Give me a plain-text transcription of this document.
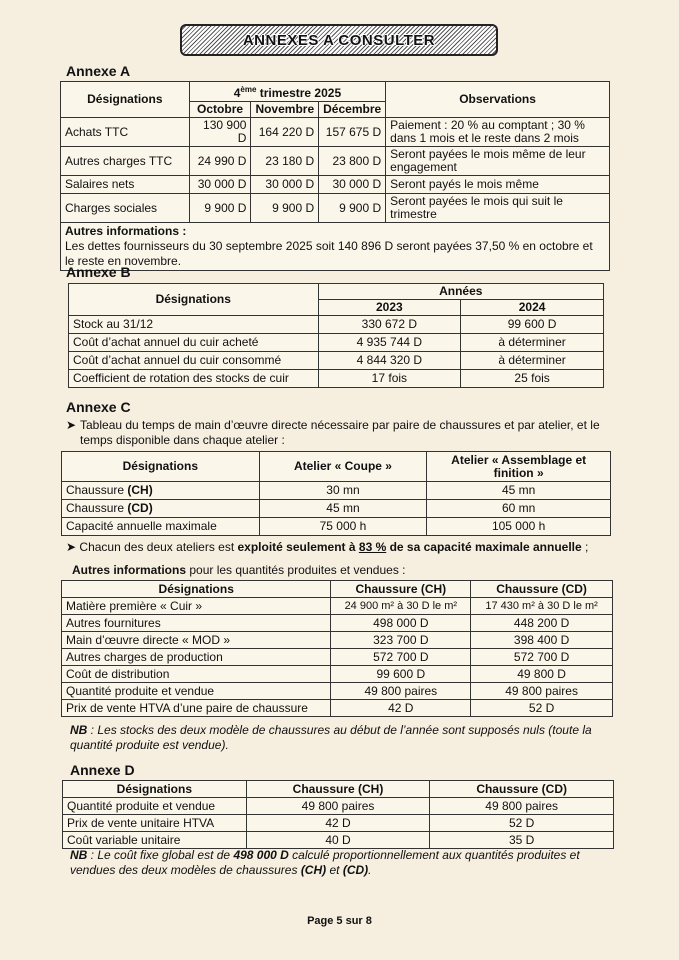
ANNEXES A CONSULTER
Annexe A
Désignations	4ème trimestre 2025			Observations
	Octobre	Novembre	Décembre	
Achats TTC	130 900 D	164 220 D	157 675 D	Paiement : 20 % au comptant ; 30 % dans 1 mois et le reste dans 2 mois
Autres charges TTC	24 990 D	23 180 D	23 800 D	Seront payées le mois même de leur engagement
Salaires nets	30 000 D	30 000 D	30 000 D	Seront payés le mois même
Charges sociales	9 900 D	9 900 D	9 900 D	Seront payées le mois qui suit le trimestre
Autres informations :
Les dettes fournisseurs du 30 septembre 2025 soit 140 896 D seront payées 37,50 % en octobre et le reste en novembre.				
Annexe B
Désignations	Années	
	2023	2024
Stock au 31/12	330 672 D	99 600 D
Coût d’achat annuel du cuir acheté	4 935 744 D	à déterminer
Coût d’achat annuel du cuir consommé	4 844 320 D	à déterminer
Coefficient de rotation des stocks de cuir	17 fois	25 fois
Annexe C
➤ Tableau du temps de main d’œuvre directe nécessaire par paire de chaussures et par atelier, et le temps disponible dans chaque atelier :
Désignations	Atelier « Coupe »	Atelier « Assemblage et finition »
Chaussure (CH)	30 mn	45 mn
Chaussure (CD)	45 mn	60 mn
Capacité annuelle maximale	75 000 h	105 000 h
➤ Chacun des deux ateliers est exploité seulement à 83 % de sa capacité maximale annuelle ;
Autres informations pour les quantités produites et vendues :
Désignations	Chaussure (CH)	Chaussure (CD)
Matière première « Cuir »	24 900 m² à 30 D le m²	17 430 m² à 30 D le m²
Autres fournitures	498 000 D	448 200 D
Main d’œuvre directe « MOD »	323 700 D	398 400 D
Autres charges de production	572 700 D	572 700 D
Coût de distribution	99 600 D	49 800 D
Quantité produite et vendue	49 800 paires	49 800 paires
Prix de vente HTVA d’une paire de chaussure	42 D	52 D
NB : Les stocks des deux modèle de chaussures au début de l’année sont supposés nuls (toute la quantité produite est vendue).
Annexe D
Désignations	Chaussure (CH)	Chaussure (CD)
Quantité produite et vendue	49 800 paires	49 800 paires
Prix de vente unitaire HTVA	42 D	52 D
Coût variable unitaire	40 D	35 D
NB : Le coût fixe global est de 498 000 D calculé proportionnellement aux quantités produites et vendues des deux modèles de chaussures (CH) et (CD).
Page 5 sur 8
